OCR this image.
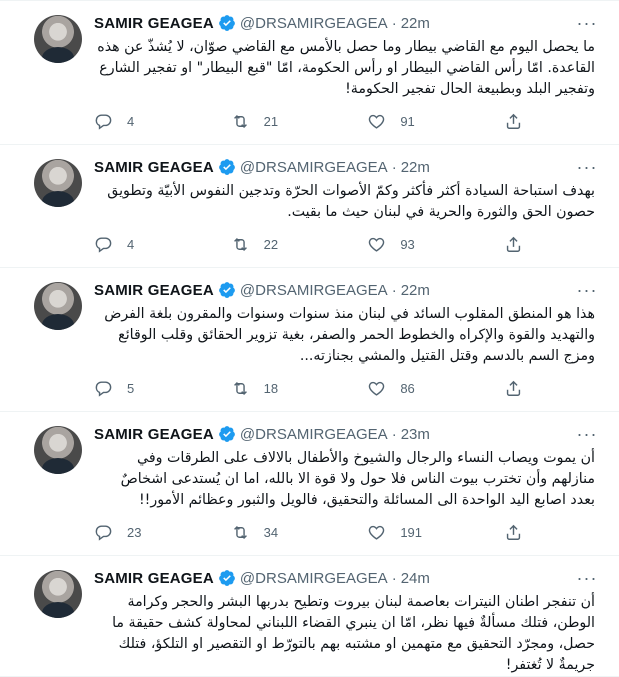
SAMIR GEAGEA @DRSAMIRGEAGEA · 22m	···
ما يحصل اليوم مع القاضي بيطار وما حصل بالأمس مع القاضي صوّان، لا يُشذّ عن هذه القاعدة. امّا رأس القاضي البيطار او رأس الحكومة، امّا "قبع البيطار" او تفجير الشارع وتفجير البلد وبطبيعة الحال تفجير الحكومة!
4	21	91
SAMIR GEAGEA @DRSAMIRGEAGEA · 22m	···
بهدف استباحة السيادة أكثر فأكثر وكمّ الأصوات الحرّة وتدجين النفوس الأبيّة وتطويق حصون الحق والثورة والحرية في لبنان حيث ما بقيت.
4	22	93
SAMIR GEAGEA @DRSAMIRGEAGEA · 22m	···
هذا هو المنطق المقلوب السائد في لبنان منذ سنوات وسنوات والمقرون بلغة الفرض والتهديد والقوة والإكراه والخطوط الحمر والصفر، بغية تزوير الحقائق وقلب الوقائع ومزج السم بالدسم وقتل القتيل والمشي بجنازته...
5	18	86
SAMIR GEAGEA @DRSAMIRGEAGEA · 23m	···
أن يموت ويصاب النساء والرجال والشيوخ والأطفال بالالاف على الطرقات وفي منازلهم وأن تخترب بيوت الناس فلا حول ولا قوة الا بالله، اما ان يُستدعى اشخاصٌ بعدد اصابع اليد الواحدة الى المسائلة والتحقيق، فالويل والثبور وعظائم الأمور!!
23	34	191
SAMIR GEAGEA @DRSAMIRGEAGEA · 24m	···
أن تنفجر اطنان النيترات بعاصمة لبنان بيروت وتطيح بدربها البشر والحجر وكرامة الوطن، فتلك مسألةٌ فيها نظر، امّا ان ينبري القضاء اللبناني لمحاولة كشف حقيقة ما حصل، ومجرّد التحقيق مع متهمين او مشتبه بهم بالتورّط او التقصير او التلكؤ، فتلك جريمةٌ لا تُغتفر!
